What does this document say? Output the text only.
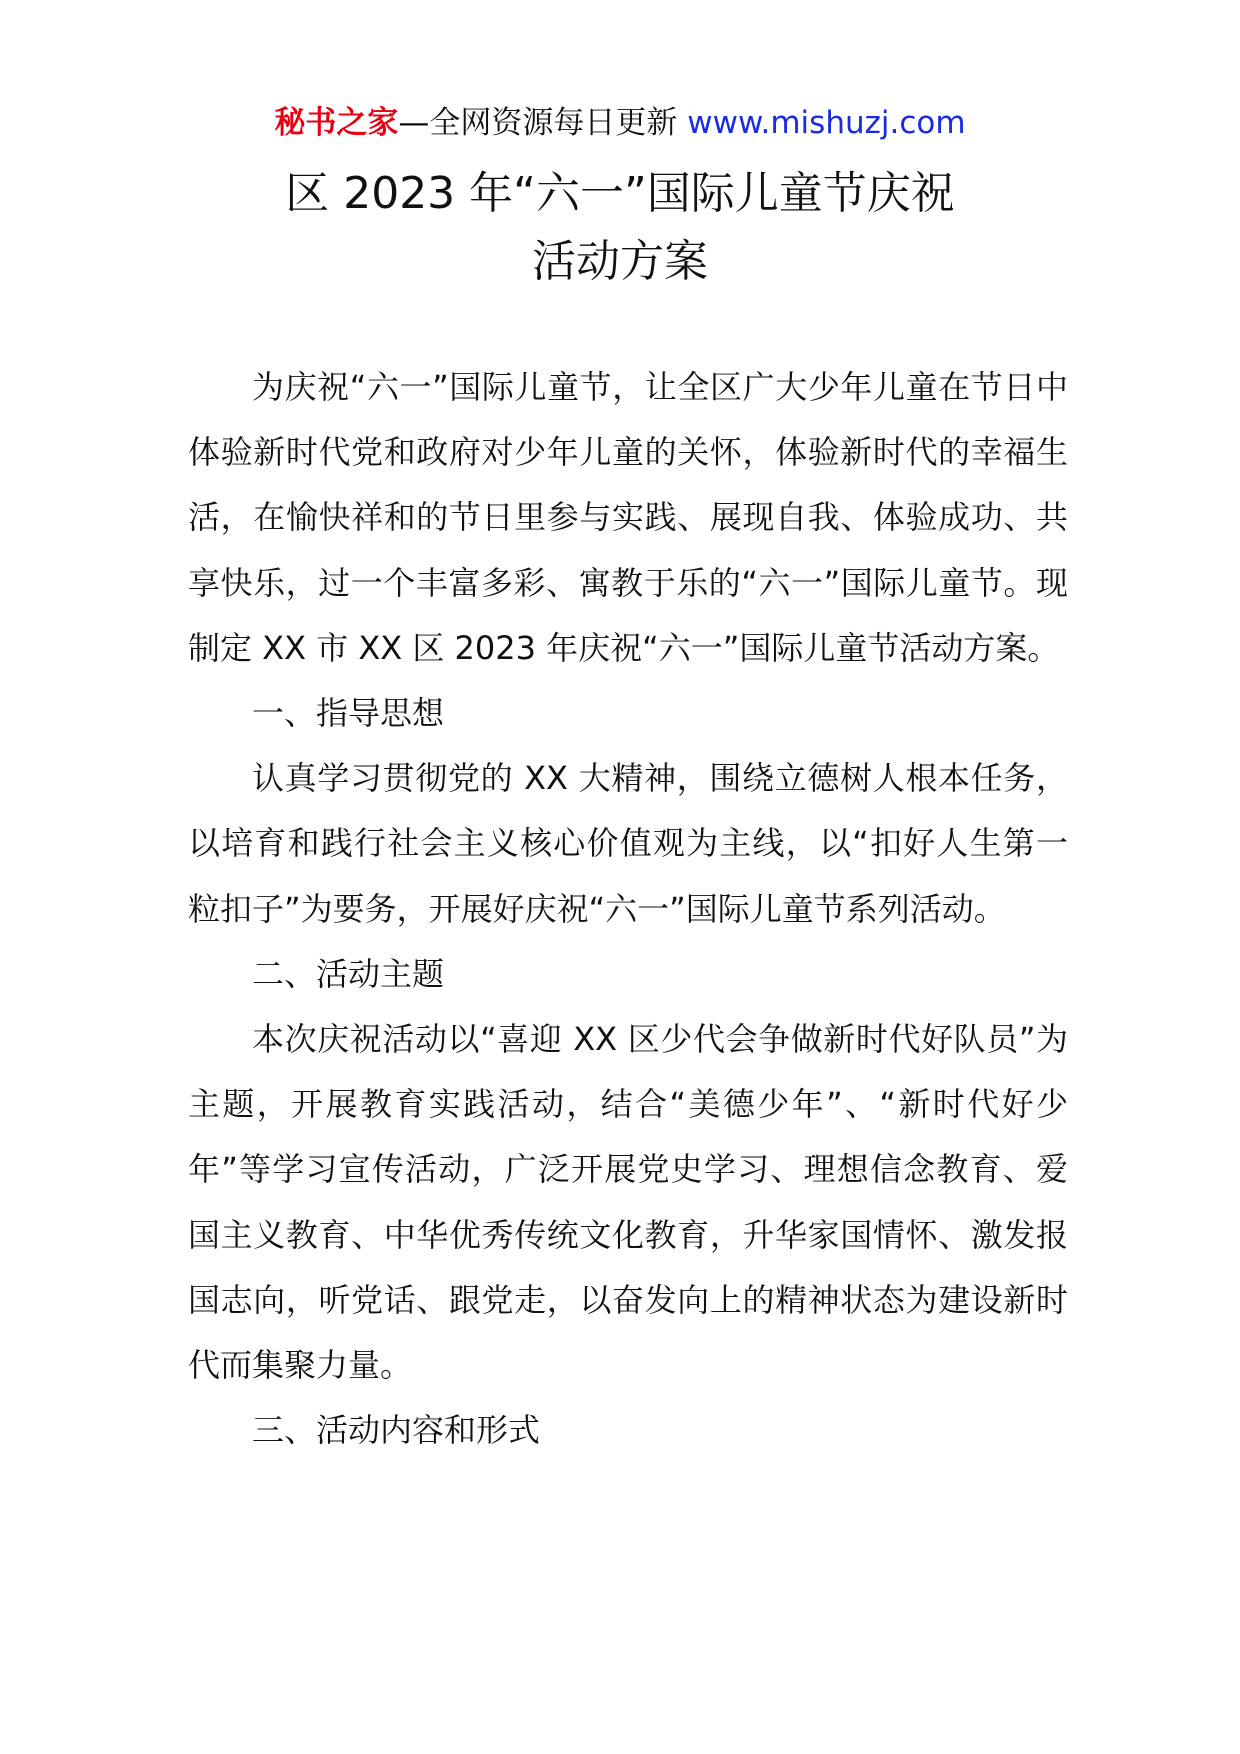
秘书之家—全网资源每日更新 www.mishuzj.com
区 2023 年“六一”国际儿童节庆祝
活动方案

为庆祝“六一”国际儿童节，让全区广大少年儿童在节日中体验新时代党和政府对少年儿童的关怀，体验新时代的幸福生活，在愉快祥和的节日里参与实践、展现自我、体验成功、共享快乐，过一个丰富多彩、寓教于乐的“六一”国际儿童节。现制定 XX 市 XX 区 2023 年庆祝“六一”国际儿童节活动方案。

一、指导思想

认真学习贯彻党的 XX 大精神，围绕立德树人根本任务，以培育和践行社会主义核心价值观为主线，以“扣好人生第一粒扣子”为要务，开展好庆祝“六一”国际儿童节系列活动。

二、活动主题

本次庆祝活动以“喜迎 XX 区少代会争做新时代好队员”为主题，开展教育实践活动，结合“美德少年”、“新时代好少年”等学习宣传活动，广泛开展党史学习、理想信念教育、爱国主义教育、中华优秀传统文化教育，升华家国情怀、激发报国志向，听党话、跟党走，以奋发向上的精神状态为建设新时代而集聚力量。

三、活动内容和形式
